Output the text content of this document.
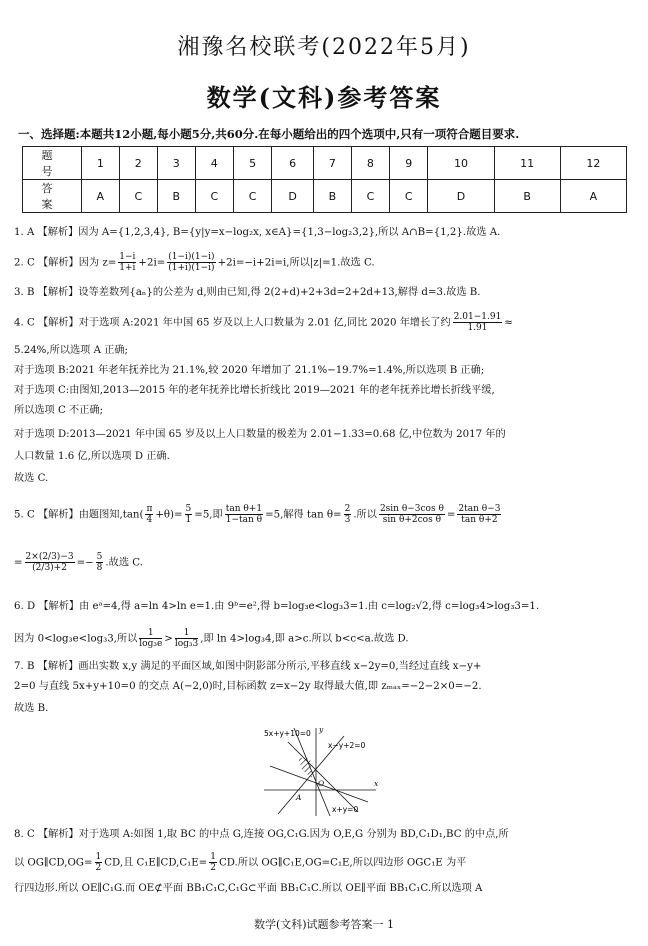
湘豫名校联考(2022年5月)
数学(文科)参考答案
一、选择题:本题共12小题,每小题5分,共60分.在每小题给出的四个选项中,只有一项符合题目要求.
题　号	1	2	3	4	5	6	7	8	9	10	11	12
答　案	A	C	B	C	C	D	B	C	C	D	B	A
1. A 【解析】因为 A={1,2,3,4}, B={y|y=x−log₂x, x∈A}={1,3−log₂3,2},所以 A∩B={1,2}.故选 A.
2. C 【解析】因为 $z= \frac{1-i}{1+i} +2i= \frac{(1-i)(1-i)}{(1+i)(1-i)} +2i=-i+2i=i$,所以|z|=1.故选 C.
3. B 【解析】设等差数列{aₙ}的公差为 d,则由已知,得 2(2+d)+2+3d=2+2d+13,解得 d=3.故选 B.
4. C 【解析】对于选项 A:2021 年中国 65 岁及以上人口数量为 2.01 亿,同比 2020 年增长了约 $\frac{2.01-1.91}{1.91}$ ≈
5.24%,所以选项 A 正确;
对于选项 B:2021 年老年抚养比为 21.1%,较 2020 年增加了 21.1%−19.7%=1.4%,所以选项 B 正确;
对于选项 C:由图知,2013—2015 年的老年抚养比增长折线比 2019—2021 年的老年抚养比增长折线平缓,
所以选项 C 不正确;
对于选项 D:2013—2021 年中国 65 岁及以上人口数量的极差为 2.01−1.33=0.68 亿,中位数为 2017 年的
人口数量 1.6 亿,所以选项 D 正确.
故选 C.
5. C 【解析】由题图知$,\tan( \frac{\pi}{4} +\theta)= \frac{5}{1} =5$,即 $\frac{\text{tan θ+1}}{\text{1−tan θ}} =5$,解得 $\tan \theta= \frac{2}{3}$ .所以 $\frac{\text{2sin θ−3cos θ}}{\text{sin θ+2cos θ}} = \frac{\text{2tan θ−3}}{\text{tan θ+2}}$
= $\frac{2\times(2/3)-3}{(2/3)+2} =- \frac{5}{8}$ .故选 C.
6. D 【解析】由 eᵃ=4,得 a=ln 4>ln e=1.由 9ᵇ=e²,得 b=log₃e<log₃3=1.由 c=log₂√2,得 c=log₃4>log₃3=1.
因为 0<log₃e<log₃3,所以 $\frac{1}{\text{log₃e}} > \frac{1}{\text{log₃3}}$ ,即 ln 4>log₃4,即 a>c.所以 b<c<a.故选 D.
7. B 【解析】画出实数 x,y 满足的平面区域,如图中阴影部分所示,平移直线 x−2y=0,当经过直线 x−y+
2=0 与直线 5x+y+10=0 的交点 A(−2,0)时,目标函数 z=x−2y 取得最大值,即 zₘₐₓ=−2−2×0=−2.
故选 B.
5x+y+10=0
x−y+2=0
x+y=0
y
x
O
A
8. C 【解析】对于选项 A:如图 1,取 BC 的中点 G,连接 OG,C₁G.因为 O,E,G 分别为 BD,C₁D₁,BC 的中点,所
以 OG∥CD,OG= $\frac{1}{2}$ CD,且 C₁E∥CD,C₁E= $\frac{1}{2}$ CD.所以 OG∥C₁E,OG=C₁E,所以四边形 OGC₁E 为平
行四边形.所以 OE∥C₁G.而 OE⊄平面 BB₁C₁C,C₁G⊂平面 BB₁C₁C.所以 OE∥平面 BB₁C₁C.所以选项 A
数学(文科)试题参考答案一 1
